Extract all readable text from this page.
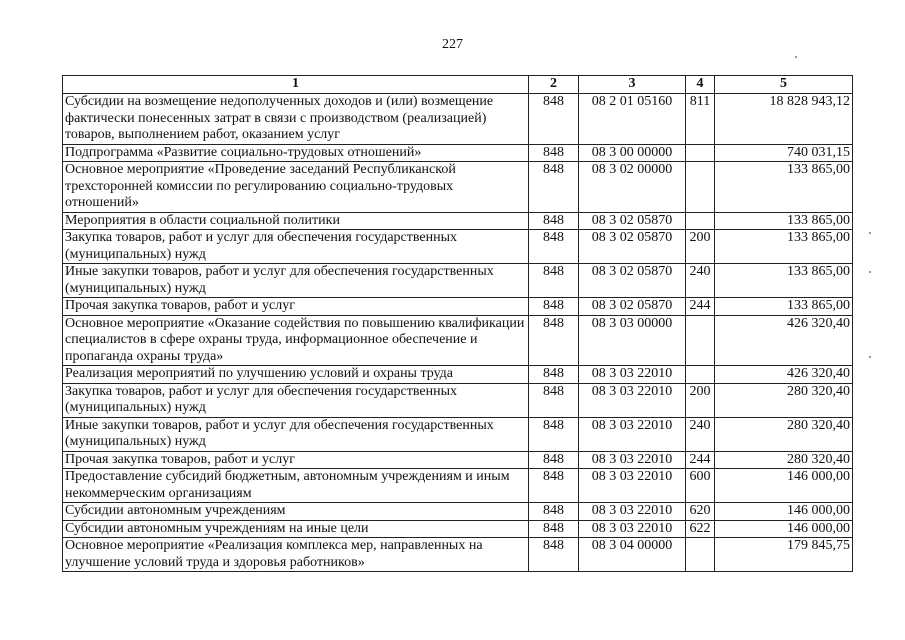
227
1	2	3	4	5
Субсидии на возмещение недополученных доходов и (или) возмещение фактически понесенных затрат в связи с производством (реализацией) товаров, выполнением работ, оказанием услуг	848	08 2 01 05160	811	18 828 943,12
Подпрограмма «Развитие социально-трудовых отношений»	848	08 3 00 00000		740 031,15
Основное мероприятие «Проведение заседаний Республиканской трехсторонней комиссии по регулированию социально-трудовых отношений»	848	08 3 02 00000		133 865,00
Мероприятия в области социальной политики	848	08 3 02 05870		133 865,00
Закупка товаров, работ и услуг для обеспечения государственных (муниципальных) нужд	848	08 3 02 05870	200	133 865,00
Иные закупки товаров, работ и услуг для обеспечения государственных (муниципальных) нужд	848	08 3 02 05870	240	133 865,00
Прочая закупка товаров, работ и услуг	848	08 3 02 05870	244	133 865,00
Основное мероприятие «Оказание содействия по повышению квалификации специалистов в сфере охраны труда, информационное обеспечение и пропаганда охраны труда»	848	08 3 03 00000		426 320,40
Реализация мероприятий по улучшению условий и охраны труда	848	08 3 03 22010		426 320,40
Закупка товаров, работ и услуг для обеспечения государственных (муниципальных) нужд	848	08 3 03 22010	200	280 320,40
Иные закупки товаров, работ и услуг для обеспечения государственных (муниципальных) нужд	848	08 3 03 22010	240	280 320,40
Прочая закупка товаров, работ и услуг	848	08 3 03 22010	244	280 320,40
Предоставление субсидий бюджетным, автономным учреждениям и иным некоммерческим организациям	848	08 3 03 22010	600	146 000,00
Субсидии автономным учреждениям	848	08 3 03 22010	620	146 000,00
Субсидии автономным учреждениям на иные цели	848	08 3 03 22010	622	146 000,00
Основное мероприятие «Реализация комплекса мер, направленных на улучшение условий труда и здоровья работников»	848	08 3 04 00000		179 845,75
